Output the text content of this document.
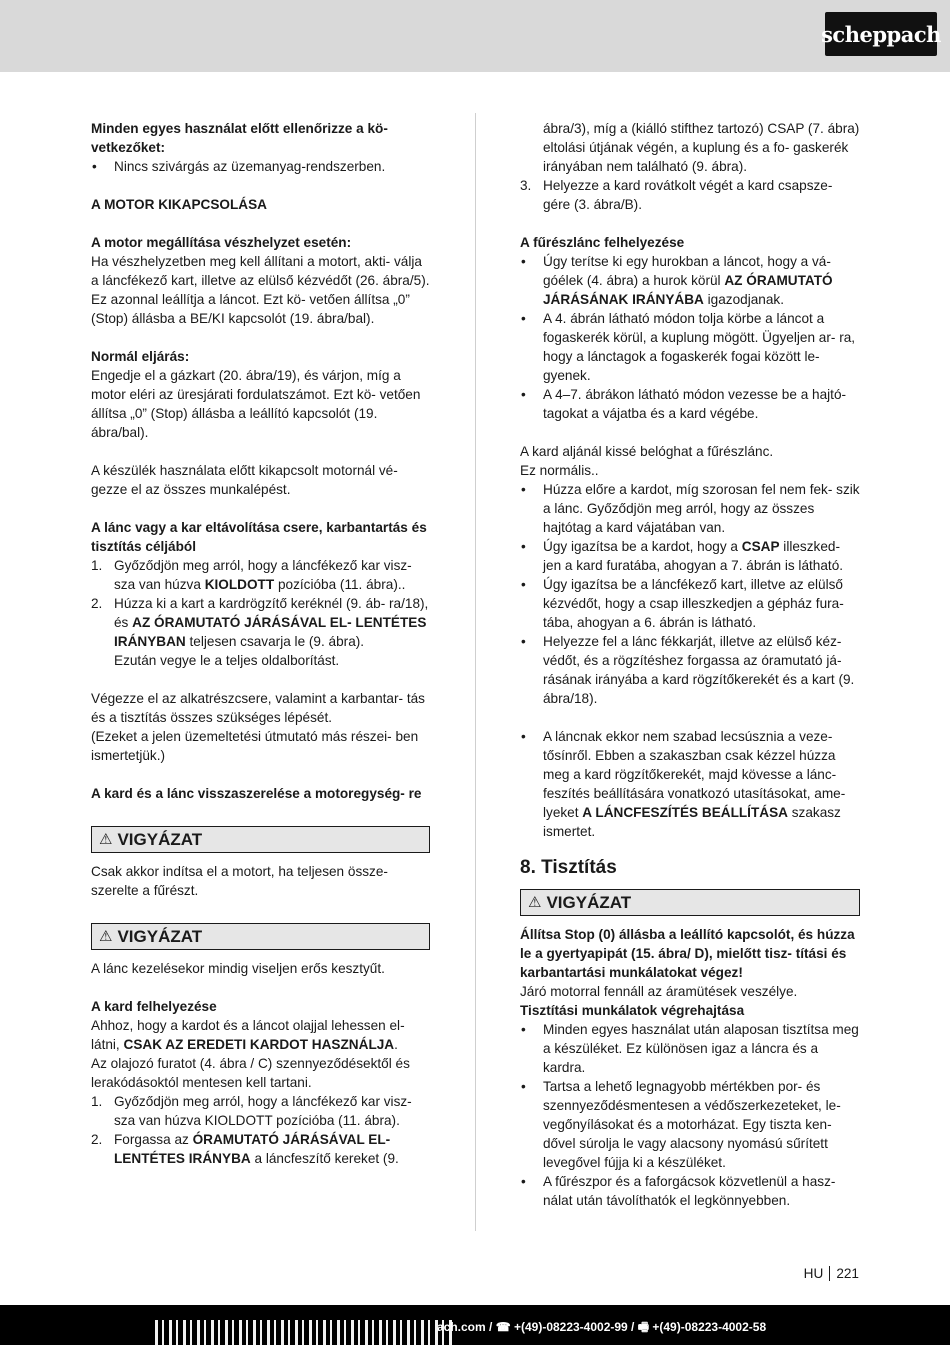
scheppach

Minden egyes használat előtt ellenőrizze a kö- vetkezőket:

• Nincs szivárgás az üzemanyag-rendszerben.

A MOTOR KIKAPCSOLÁSA

A motor megállítása vészhelyzet esetén:

Ha vészhelyzetben meg kell állítani a motort, akti- válja a láncfékező kart, illetve az elülső kézvédőt (26. ábra/5). Ez azonnal leállítja a láncot. Ezt kö- vetően állítsa „0” (Stop) állásba a BE/KI kapcsolót (19. ábra/bal).

Normál eljárás:

Engedje el a gázkart (20. ábra/19), és várjon, míg a motor eléri az üresjárati fordulatszámot. Ezt kö- vetően állítsa „0” (Stop) állásba a leállító kapcsolót (19. ábra/bal).

A készülék használata előtt kikapcsolt motornál vé- gezze el az összes munkalépést.

A lánc vagy a kar eltávolítása csere, karbantartás és tisztítás céljából

1. Győződjön meg arról, hogy a láncfékező kar visz- sza van húzva KIOLDOTT pozícióba (11. ábra)..
2. Húzza ki a kart a kardrögzítő keréknél (9. áb- ra/18), és AZ ÓRAMUTATÓ JÁRÁSÁVAL EL- LENTÉTES IRÁNYBAN teljesen csavarja le (9. ábra).
Ezután vegye le a teljes oldalborítást.

Végezze el az alkatrészcsere, valamint a karbantar- tás és a tisztítás összes szükséges lépését.

(Ezeket a jelen üzemeltetési útmutató más részei- ben ismertetjük.)

A kard és a lánc visszaszerelése a motoregység- re

⚠ VIGYÁZAT

Csak akkor indítsa el a motort, ha teljesen össze- szerelte a fűrészt.

⚠ VIGYÁZAT

A lánc kezelésekor mindig viseljen erős kesztyűt.

A kard felhelyezése

Ahhoz, hogy a kardot és a láncot olajjal lehessen el- látni, CSAK AZ EREDETI KARDOT HASZNÁLJA.

Az olajozó furatot (4. ábra / C) szennyeződésektől és lerakódásoktól mentesen kell tartani.

1. Győződjön meg arról, hogy a láncfékező kar visz- sza van húzva KIOLDOTT pozícióba (11. ábra).
2. Forgassa az ÓRAMUTATÓ JÁRÁSÁVAL EL- LENTÉTES IRÁNYBA a láncfeszítő kereket (9.

ábra/3), míg a (kiálló stifthez tartozó) CSAP (7. ábra) eltolási útjának végén, a kuplung és a fo- gaskerék irányában nem található (9. ábra).

3. Helyezze a kard rovátkolt végét a kard csapsze- gére (3. ábra/B).

A fűrészlánc felhelyezése

• Úgy terítse ki egy hurokban a láncot, hogy a vá- góélek (4. ábra) a hurok körül AZ ÓRAMUTATÓ JÁRÁSÁNAK IRÁNYÁBA igazodjanak.
• A 4. ábrán látható módon tolja körbe a láncot a fogaskerék körül, a kuplung mögött. Ügyeljen ar- ra, hogy a lánctagok a fogaskerék fogai között le- gyenek.
• A 4–7. ábrákon látható módon vezesse be a hajtó- tagokat a vájatba és a kard végébe.

A kard aljánál kissé belóghat a fűrészlánc.

Ez normális..

• Húzza előre a kardot, míg szorosan fel nem fek- szik a lánc. Győződjön meg arról, hogy az összes hajtótag a kard vájatában van.
• Úgy igazítsa be a kardot, hogy a CSAP illeszked- jen a kard furatába, ahogyan a 7. ábrán is látható.
• Úgy igazítsa be a láncfékező kart, illetve az elülső kézvédőt, hogy a csap illeszkedjen a gépház fura- tába, ahogyan a 6. ábrán is látható.
• Helyezze fel a lánc fékkarját, illetve az elülső kéz- védőt, és a rögzítéshez forgassa az óramutató já- rásának irányába a kard rögzítőkerekét és a kart (9. ábra/18).
• A láncnak ekkor nem szabad lecsúsznia a veze- tősínről. Ebben a szakaszban csak kézzel húzza meg a kard rögzítőkerekét, majd kövesse a lánc- feszítés beállítására vonatkozó utasításokat, ame- lyeket A LÁNCFESZÍTÉS BEÁLLÍTÁSA szakasz ismertet.
8. Tisztítás
⚠ VIGYÁZAT

Állítsa Stop (0) állásba a leállító kapcsolót, és húzza le a gyertyapipát (15. ábra/ D), mielőtt tisz- títási és karbantartási munkálatokat végez!

Járó motorral fennáll az áramütések veszélye.

Tisztítási munkálatok végrehajtása

• Minden egyes használat után alaposan tisztítsa meg a készüléket. Ez különösen igaz a láncra és a kardra.
• Tartsa a lehető legnagyobb mértékben por- és szennyeződésmentesen a védőszerkezeteket, le- vegőnyílásokat és a motorházat. Egy tiszta ken- dővel súrolja le vagy alacsony nyomású sűrített levegővel fújja ki a készüléket.
• A fűrészpor és a faforgácsok közvetlenül a hasz- nálat után távolíthatók el legkönnyebben.
HU 221
ach.com / ☎ +(49)-08223-4002-99 / 🖷 +(49)-08223-4002-58
